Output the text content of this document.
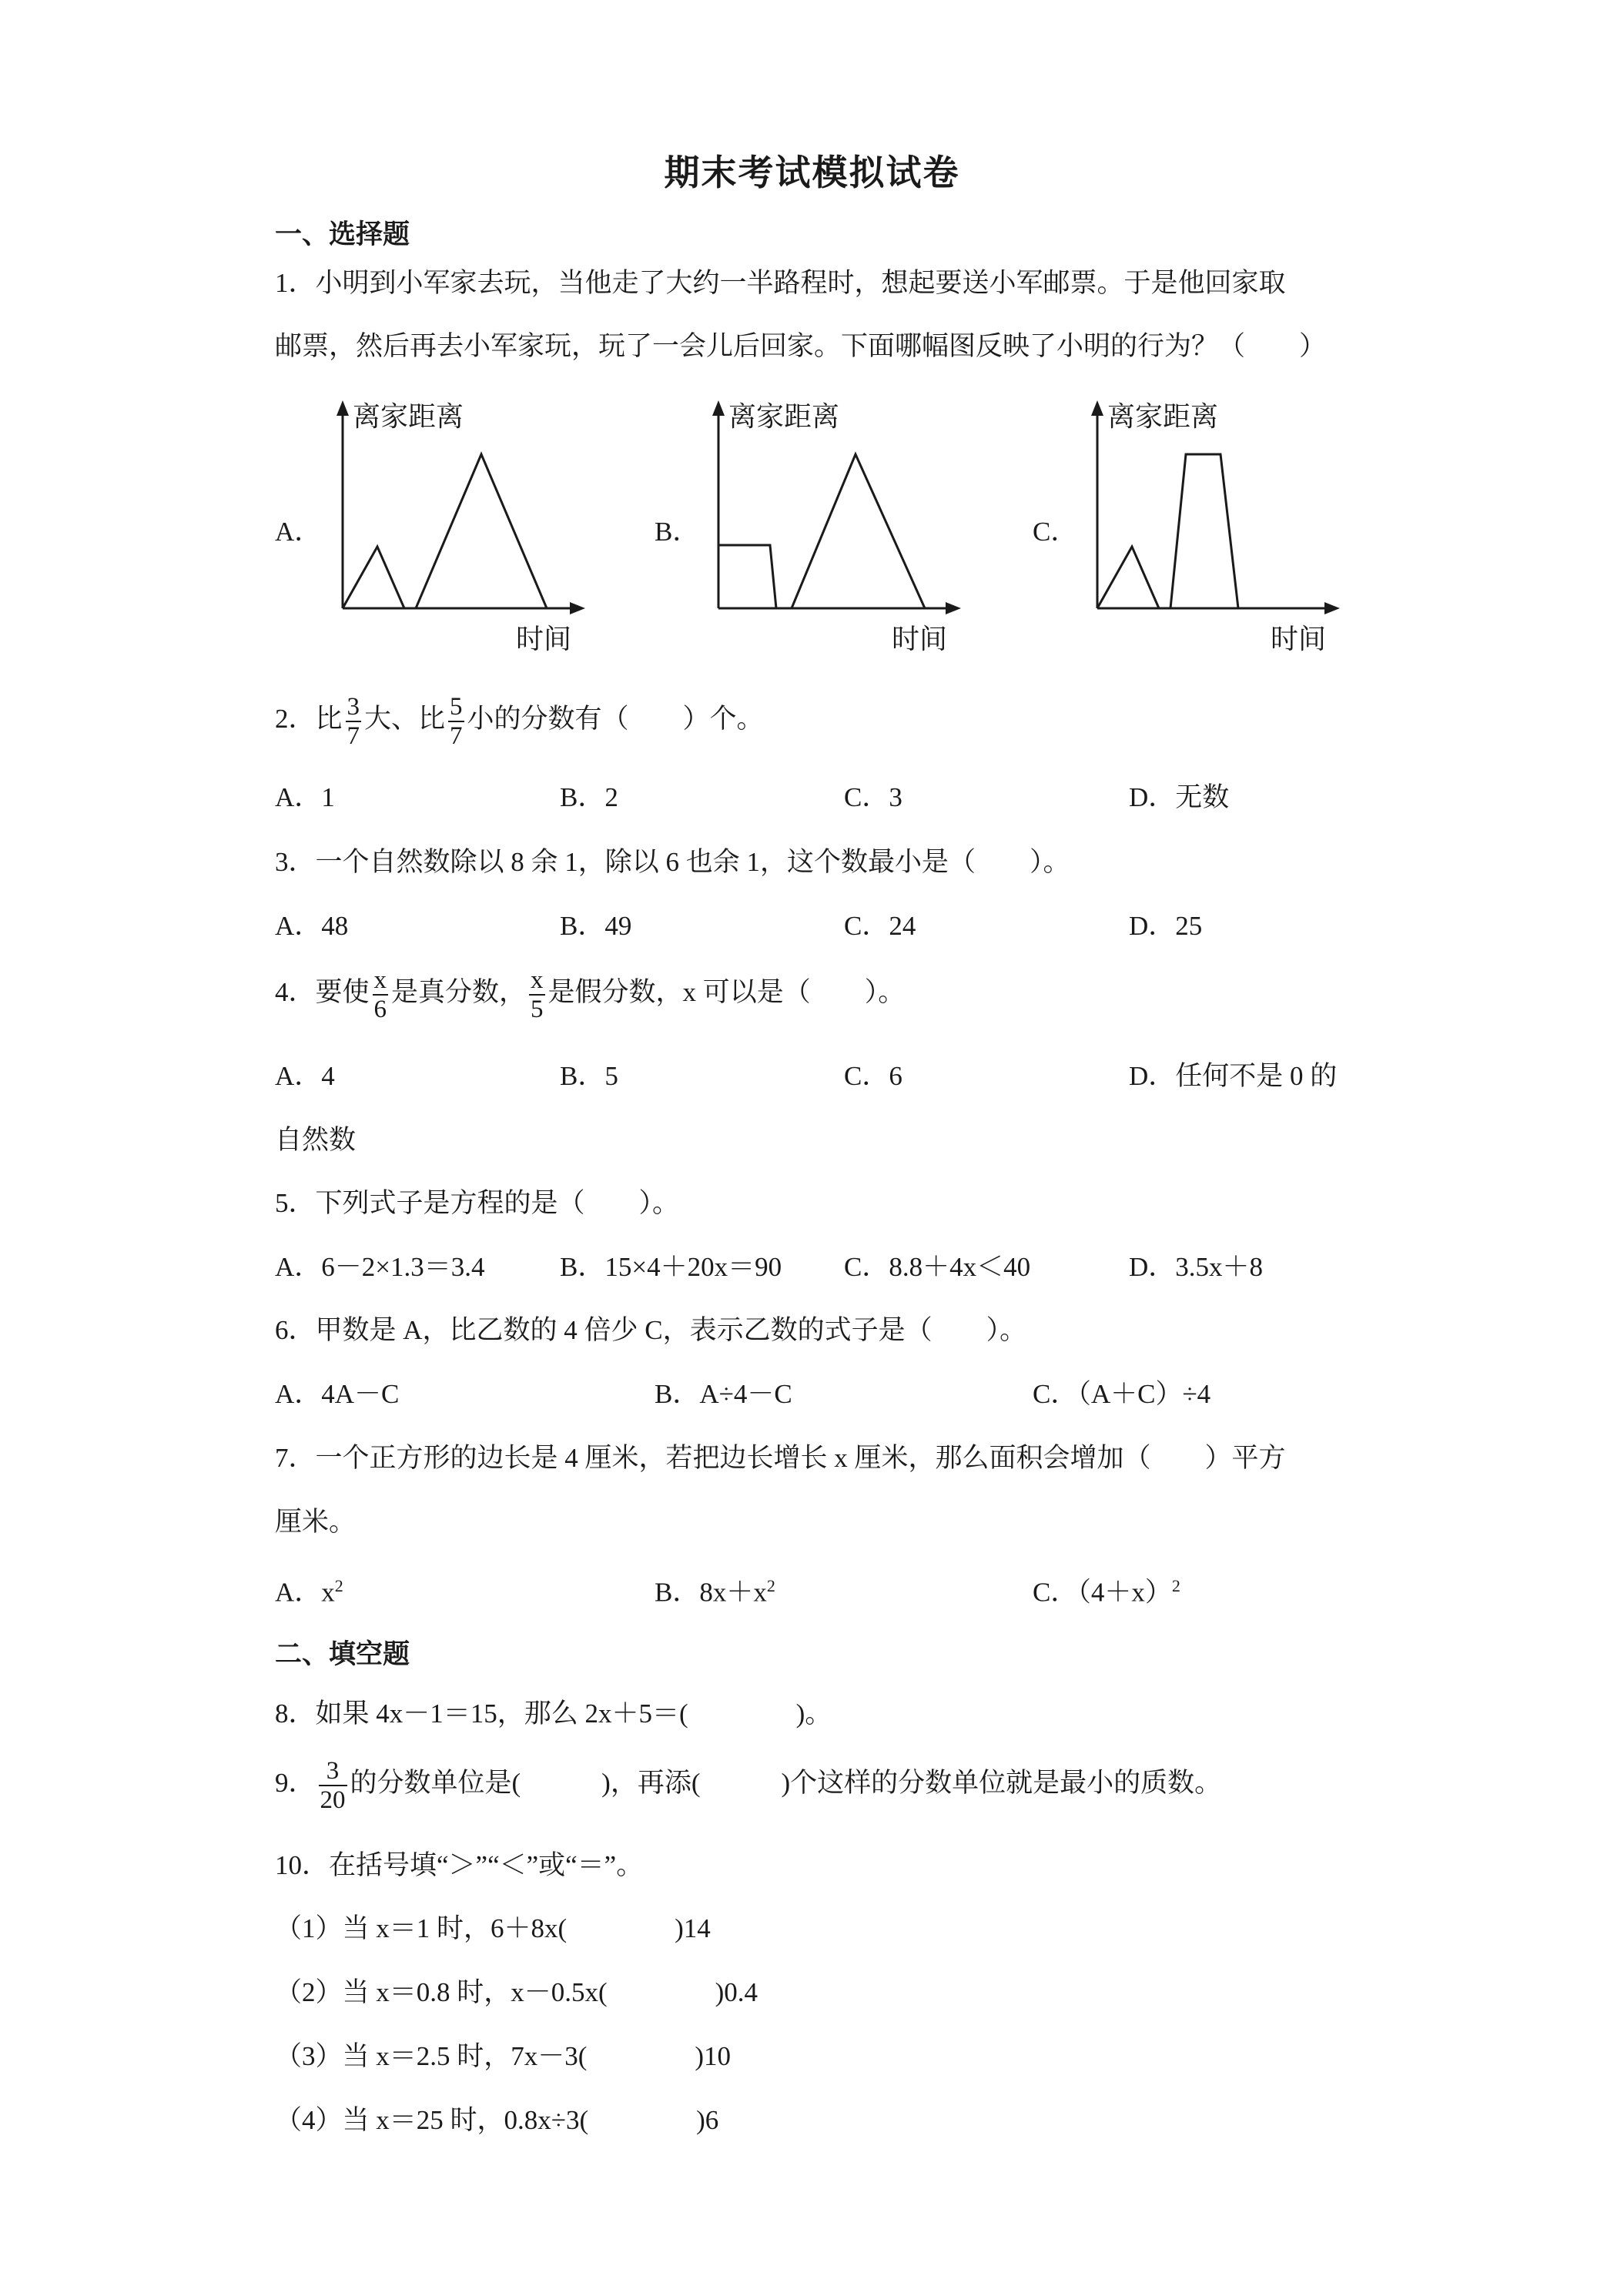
期末考试模拟试卷
一、选择题
1．小明到小军家去玩，当他走了大约一半路程时，想起要送小军邮票。于是他回家取
邮票，然后再去小军家玩，玩了一会儿后回家。下面哪幅图反映了小明的行为？（　　）
A．
离家距离
时间
B．
离家距离
时间
C．
离家距离
时间
2．比 $\frac{3}{7}$ 大、比 $\frac{5}{7}$ 小的分数有（　　）个。
A．1	B．2	C．3	D．无数
3．一个自然数除以 8 余 1，除以 6 也余 1，这个数最小是（　　）。
A．48	B．49	C．24	D．25
4．要使 $\frac{x}{6}$ 是真分数， $\frac{x}{5}$ 是假分数，x 可以是（　　）。
A．4	B．5	C．6	D．任何不是 0 的
自然数
5．下列式子是方程的是（　　）。
A．6－2×1.3＝3.4	B．15×4＋20x＝90 C．8.8＋4x＜40	D．3.5x＋8
6．甲数是 A，比乙数的 4 倍少 C，表示乙数的式子是（　　）。
A．4A－C	B．A÷4－C	C．（A＋C）÷4
7．一个正方形的边长是 4 厘米，若把边长增长 x 厘米，那么面积会增加（　　）平方
厘米。
A．$x^2$	B．$8x+x^2$	C．$(4+x)^2$
二、填空题
8．如果 4x－1＝15，那么 2x＋5＝(　　　　)。
9． $\frac{3}{20}$ 的分数单位是(　　　)，再添(　　　)个这样的分数单位就是最小的质数。
10．在括号填“＞”“＜”或“＝”。
（1）当 x＝1 时，6＋8x(　　　　)14
（2）当 x＝0.8 时，x－0.5x(　　　　)0.4
（3）当 x＝2.5 时，7x－3(　　　　)10
（4）当 x＝25 时，0.8x÷3(　　　　)6
